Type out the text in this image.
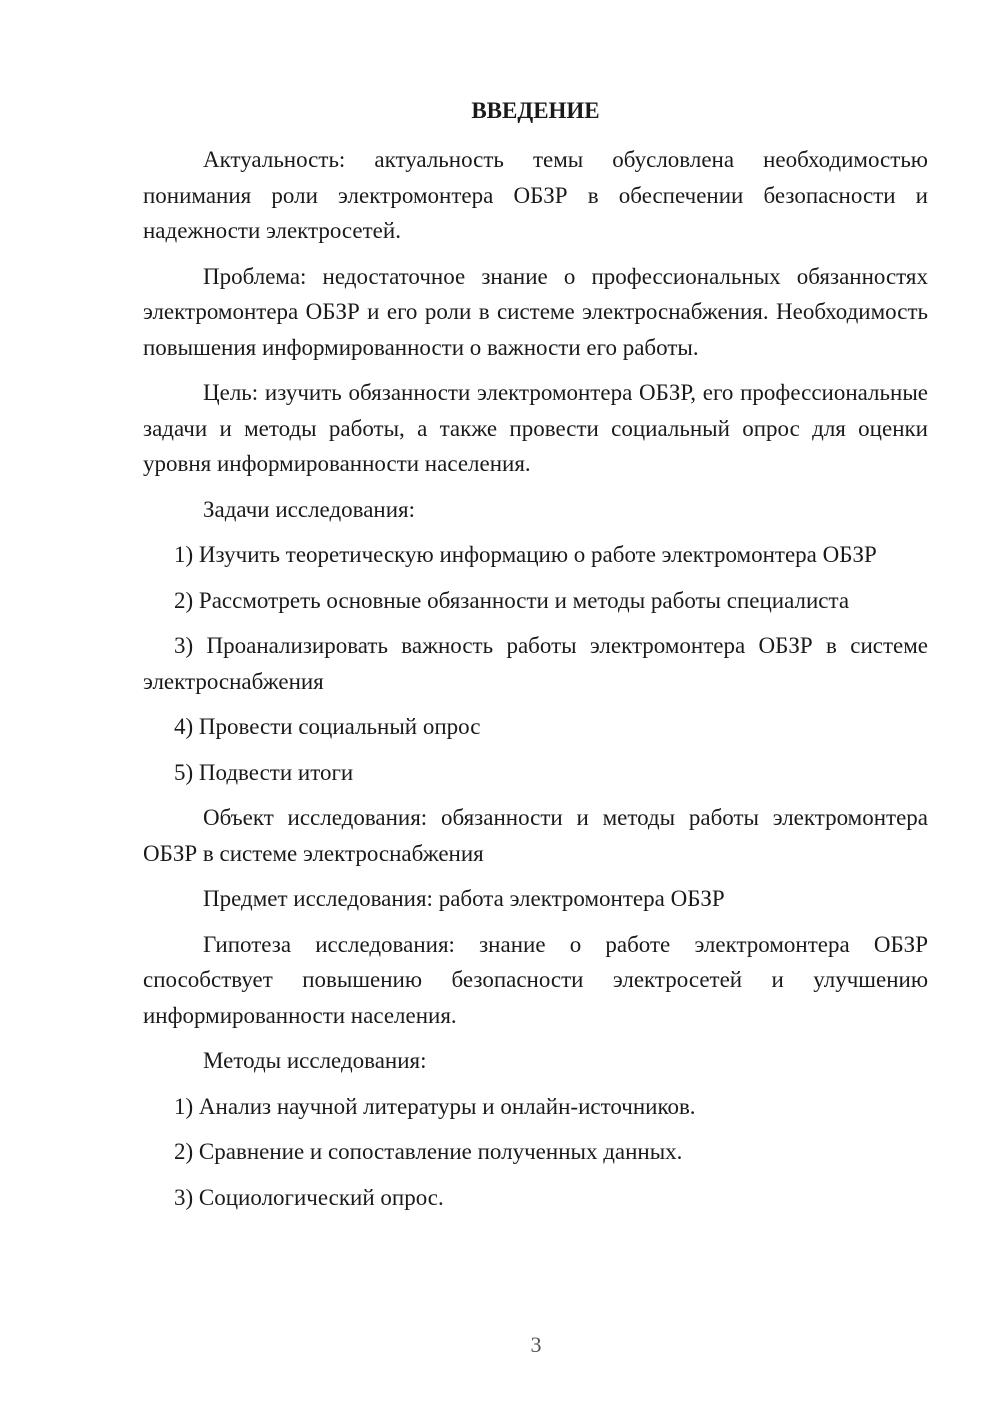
ВВЕДЕНИЕ

Актуальность: актуальность темы обусловлена необходимостью понимания роли электромонтера ОБЗР в обеспечении безопасности и надежности электросетей.

Проблема: недостаточное знание о профессиональных обязанностях электромонтера ОБЗР и его роли в системе электроснабжения. Необходимость повышения информированности о важности его работы.

Цель: изучить обязанности электромонтера ОБЗР, его профессиональные задачи и методы работы, а также провести социальный опрос для оценки уровня информированности населения.

Задачи исследования:

1) Изучить теоретическую информацию о работе электромонтера ОБЗР

2) Рассмотреть основные обязанности и методы работы специалиста

3) Проанализировать важность работы электромонтера ОБЗР в системе электроснабжения

4) Провести социальный опрос

5) Подвести итоги

Объект исследования: обязанности и методы работы электромонтера ОБЗР в системе электроснабжения

Предмет исследования: работа электромонтера ОБЗР

Гипотеза исследования: знание о работе электромонтера ОБЗР способствует повышению безопасности электросетей и улучшению информированности населения.

Методы исследования:

1) Анализ научной литературы и онлайн-источников.

2) Сравнение и сопоставление полученных данных.

3) Социологический опрос.

3
